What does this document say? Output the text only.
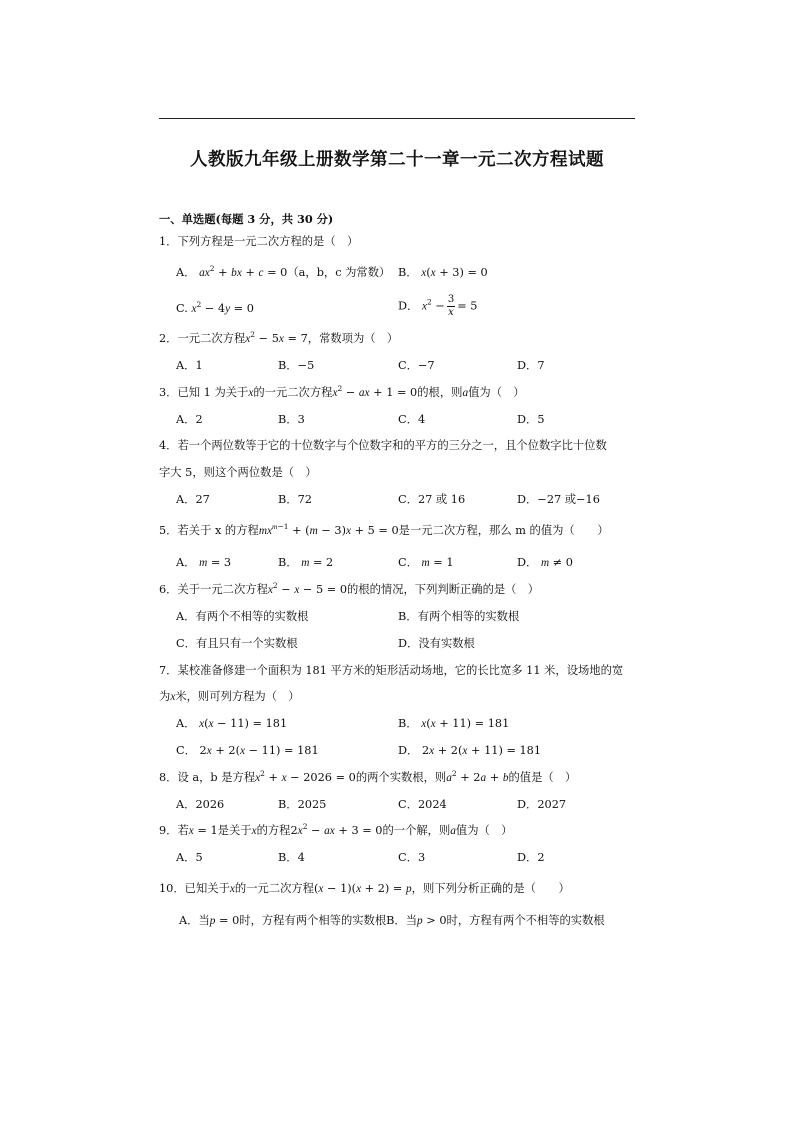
人教版九年级上册数学第二十一章一元二次方程试题
一、单选题(每题 3 分，共 30 分)
1．下列方程是一元二次方程的是（　）
A． $ax^2$ + bx + c = 0（a，b，c 为常数） B． x(x + 3) = 0
C. $x^2 - 4y = 0$	D． $x^2 - \frac{3}{x} = 5$
2．一元二次方程$x^2 - 5x = 7$，常数项为（　）
A．1	B．−5	C．−7	D．7
3．已知 1 为关于x的一元二次方程$x^2$ − ax + 1 = 0的根，则a值为（　）
A．2	B．3	C．4	D．5
4．若一个两位数等于它的十位数字与个位数字和的平方的三分之一，且个位数字比十位数
字大 5，则这个两位数是（　）
A．27	B．72	C．27 或 16	D．−27 或−16
5．若关于 x 的方程$mx^{m-1} + (m - 3)x + 5 = 0$是一元二次方程，那么 m 的值为（　　）
A． m = 3	B． m = 2	C． m = 1	D． m ≠ 0
6．关于一元二次方程$x^2 - x - 5 = 0$的根的情况，下列判断正确的是（　）
A．有两个不相等的实数根	B．有两个相等的实数根
C．有且只有一个实数根	D．没有实数根
7．某校准备修建一个面积为 181 平方米的矩形活动场地，它的长比宽多 11 米，设场地的宽
为x米，则可列方程为（　）
A． x(x − 11) = 181	B． x(x + 11) = 181
C． 2x + 2(x − 11) = 181	D． 2x + 2(x + 11) = 181
8．设 a，b 是方程$x^2 + x - 2026 = 0$的两个实数根，则$a^2 + 2a + b$的值是（　）
A．2026	B．2025	C．2024	D．2027
9．若x = 1是关于x的方程$2x^2$ − ax + 3 = 0的一个解，则a值为（　）
A．5	B．4	C．3	D．2
10．已知关于x的一元二次方程(x − 1)(x + 2) = p，则下列分析正确的是（　　）
A．当p = 0时，方程有两个相等的实数根B．当p > 0时，方程有两个不相等的实数根
